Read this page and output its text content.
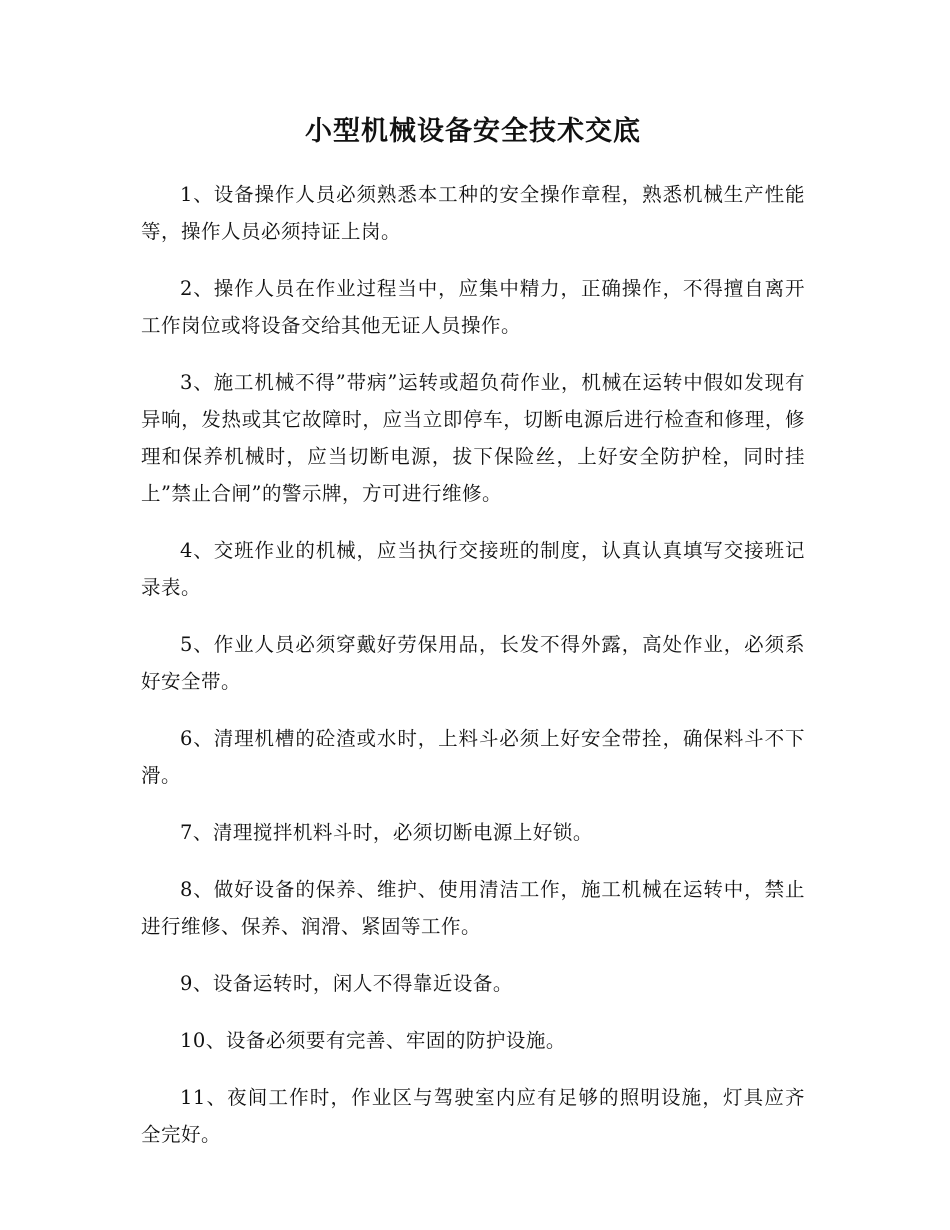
小型机械设备安全技术交底

1、设备操作人员必须熟悉本工种的安全操作章程，熟悉机械生产性能等，操作人员必须持证上岗。

2、操作人员在作业过程当中，应集中精力，正确操作，不得擅自离开工作岗位或将设备交给其他无证人员操作。

3、施工机械不得”带病”运转或超负荷作业，机械在运转中假如发现有异响，发热或其它故障时，应当立即停车，切断电源后进行检查和修理，修理和保养机械时，应当切断电源，拔下保险丝，上好安全防护栓，同时挂上”禁止合闸”的警示牌，方可进行维修。

4、交班作业的机械，应当执行交接班的制度，认真认真填写交接班记录表。

5、作业人员必须穿戴好劳保用品，长发不得外露，高处作业，必须系好安全带。

6、清理机槽的砼渣或水时，上料斗必须上好安全带拴，确保料斗不下滑。

7、清理搅拌机料斗时，必须切断电源上好锁。

8、做好设备的保养、维护、使用清洁工作，施工机械在运转中，禁止进行维修、保养、润滑、紧固等工作。

9、设备运转时，闲人不得靠近设备。

10、设备必须要有完善、牢固的防护设施。

11、夜间工作时，作业区与驾驶室内应有足够的照明设施，灯具应齐全完好。
